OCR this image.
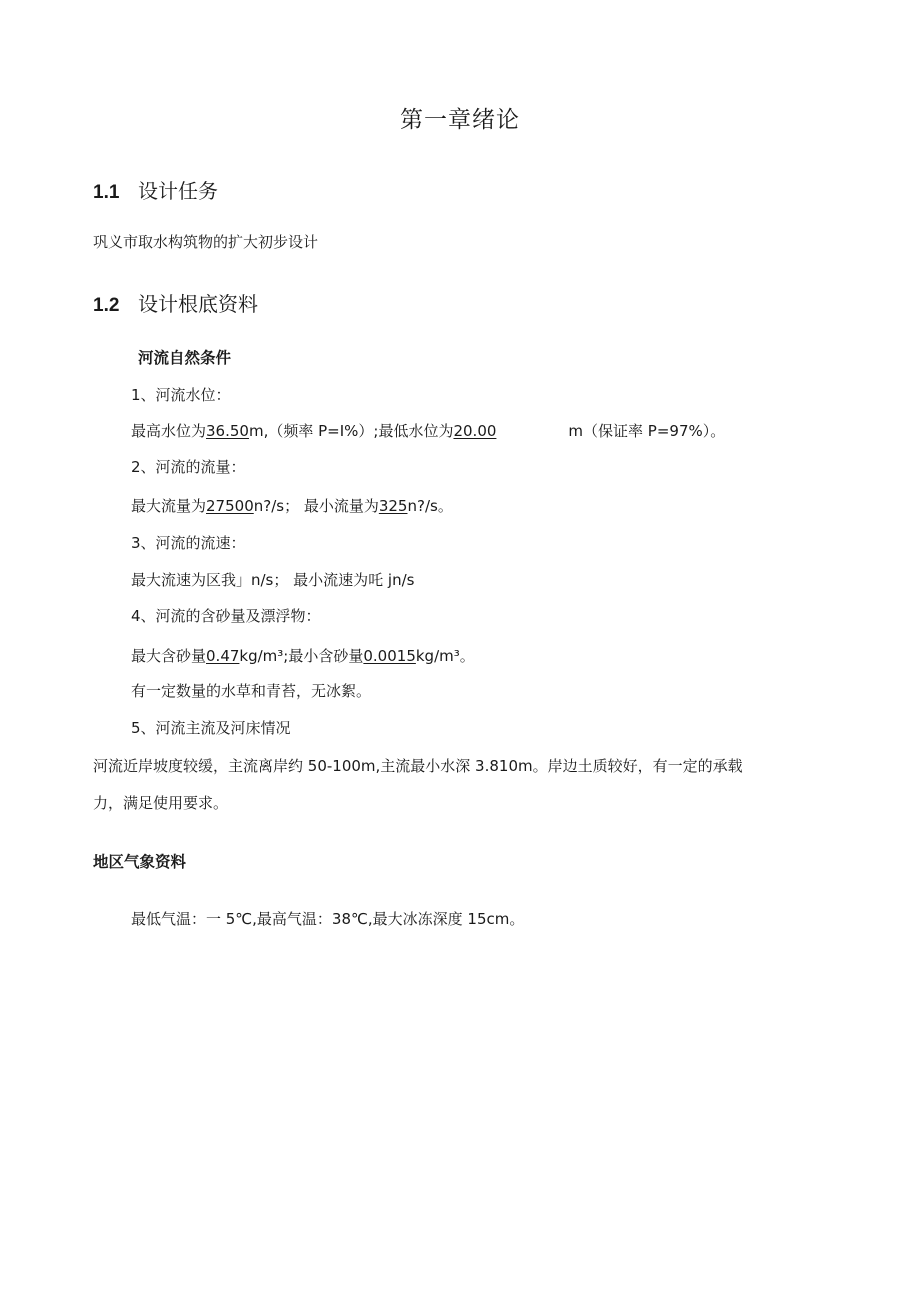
第一章绪论
1.1 设计任务
巩义市取水构筑物的扩大初步设计
1.2 设计根底资料
河流自然条件
1、河流水位：
最高水位为36.50m,（频率 P=I%）;最低水位为20.00	m（保证率 P=97%）。
2、河流的流量：
最大流量为27500n?/s； 最小流量为325n?/s。
3、河流的流速：
最大流速为区我」n/s； 最小流速为吒 jn/s
4、河流的含砂量及漂浮物：
最大含砂量0.47kg∕m³;最小含砂量0.0015kg∕m³。
有一定数量的水草和青苔，无冰絮。
5、河流主流及河床情况
河流近岸坡度较缓，主流离岸约 50-100m,主流最小水深 3.810m。岸边土质较好，有一定的承载
力，满足使用要求。
地区气象资料
最低气温：一 5℃,最高气温：38℃,最大冰冻深度 15cm。
